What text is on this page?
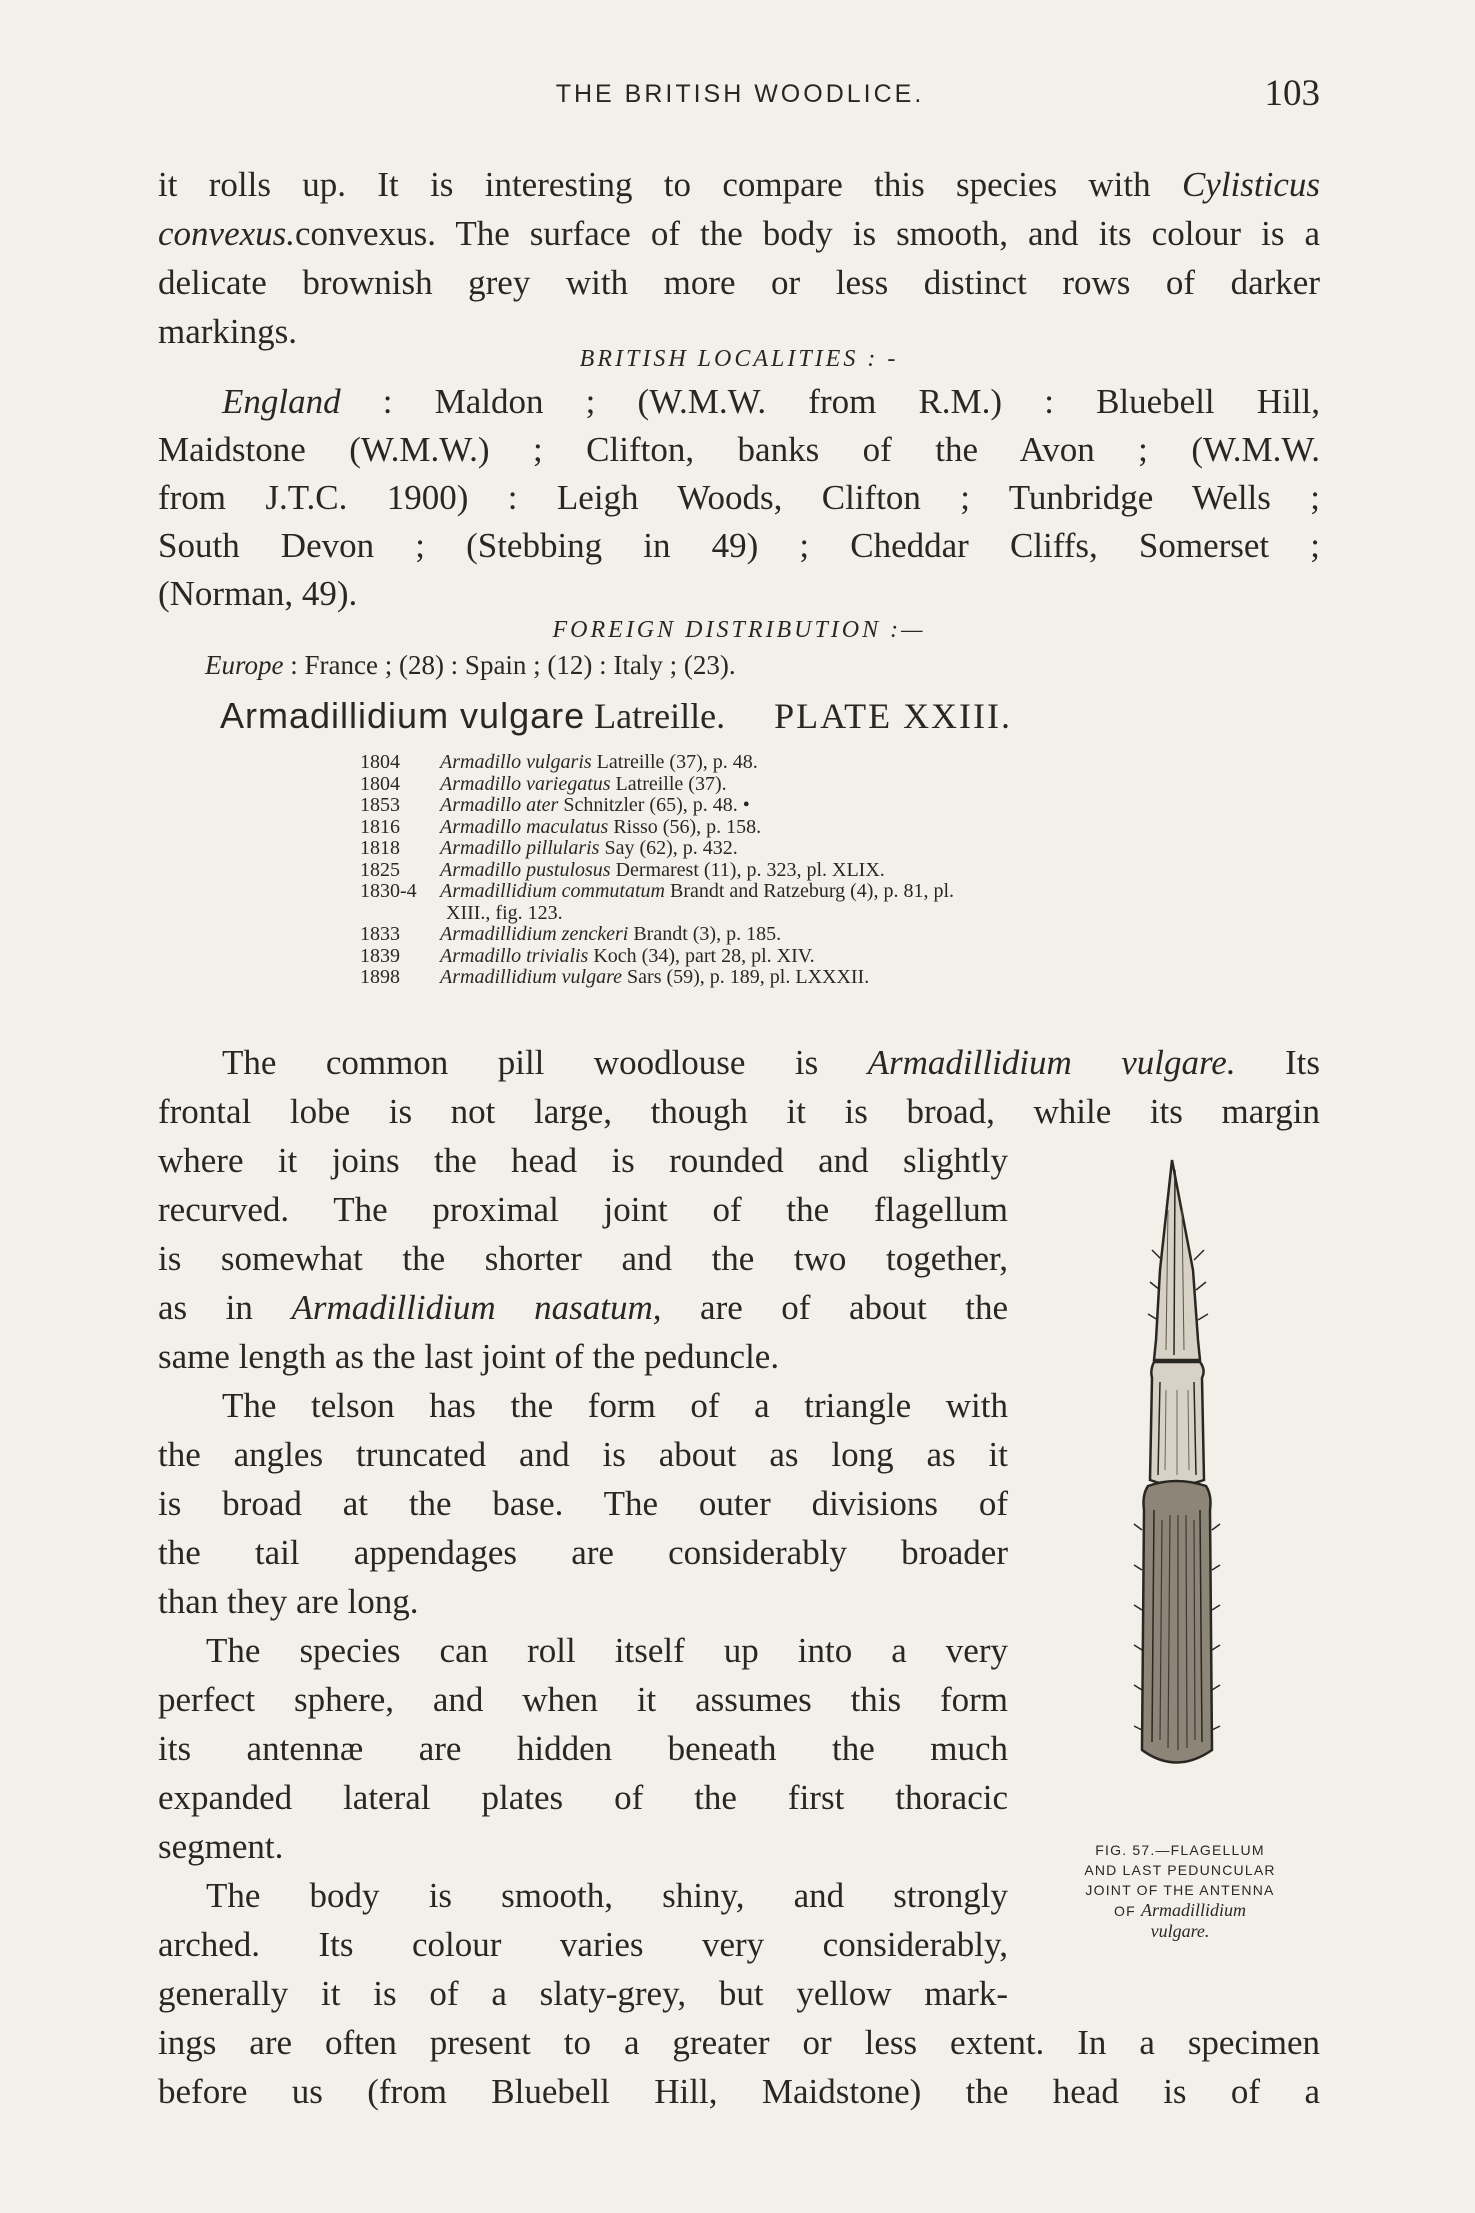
THE BRITISH WOODLICE.	103
it rolls up. It is interesting to compare this species with Cylisticus
convexus.convexus. The surface of the body is smooth, and its colour is a
delicate brownish grey with more or less distinct rows of darker
markings.
BRITISH LOCALITIES : -
England : Maldon ; (W.M.W. from R.M.) : Bluebell Hill,
Maidstone (W.M.W.) ; Clifton, banks of the Avon ; (W.M.W.
from J.T.C. 1900) : Leigh Woods, Clifton ; Tunbridge Wells ;
South Devon ; (Stebbing in 49) ; Cheddar Cliffs, Somerset ;
(Norman, 49).
FOREIGN DISTRIBUTION :—
Europe : France ; (28) : Spain ; (12) : Italy ; (23).
Armadillidium vulgare Latreille. PLATE XXIII.
1804	Armadillo vulgaris Latreille (37), p. 48.
1804	Armadillo variegatus Latreille (37).
1853	Armadillo ater Schnitzler (65), p. 48. •
1816	Armadillo maculatus Risso (56), p. 158.
1818	Armadillo pillularis Say (62), p. 432.
1825	Armadillo pustulosus Dermarest (11), p. 323, pl. XLIX.
1830-4	Armadillidium commutatum Brandt and Ratzeburg (4), p. 81, pl.
XIII., fig. 123.
1833	Armadillidium zenckeri Brandt (3), p. 185.
1839	Armadillo trivialis Koch (34), part 28, pl. XIV.
1898	Armadillidium vulgare Sars (59), p. 189, pl. LXXXII.
The common pill woodlouse is Armadillidium vulgare. Its
frontal lobe is not large, though it is broad, while its margin
where it joins the head is rounded and slightly
recurved. The proximal joint of the flagellum
is somewhat the shorter and the two together,
as in Armadillidium nasatum, are of about the
same length as the last joint of the peduncle.
The telson has the form of a triangle with
the angles truncated and is about as long as it
is broad at the base. The outer divisions of
the tail appendages are considerably broader
than they are long.
The species can roll itself up into a very
perfect sphere, and when it assumes this form
its antennæ are hidden beneath the much
expanded lateral plates of the first thoracic
segment.
The body is smooth, shiny, and strongly
arched. Its colour varies very considerably,
generally it is of a slaty-grey, but yellow mark-
ings are often present to a greater or less extent. In a specimen
before us (from Bluebell Hill, Maidstone) the head is of a
FIG. 57.—FLAGELLUM
AND LAST PEDUNCULAR
JOINT OF THE ANTENNA
OF Armadillidium
vulgare.
